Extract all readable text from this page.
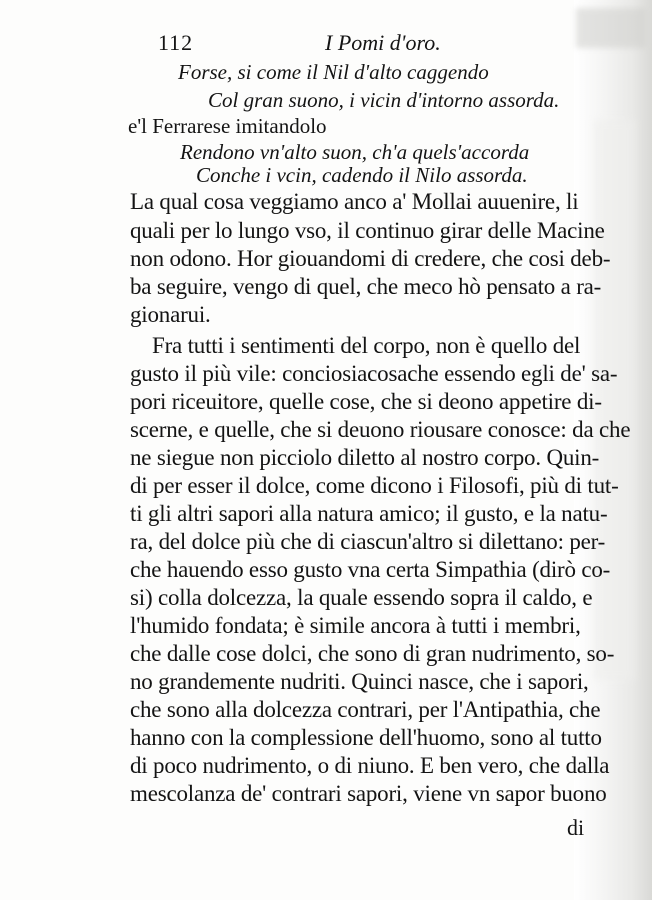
112	I Pomi d'oro.
Forse, si come il Nil d'alto caggendo
Col gran suono, i vicin d'intorno assorda.
e'l Ferrarese imitandolo
Rendono vn'alto suon, ch'a quels'accorda
Conche i vcin, cadendo il Nilo assorda.
La qual cosa veggiamo anco a' Mollai auuenire, li
quali per lo lungo vso, il continuo girar delle Macine
non odono. Hor giouandomi di credere, che cosi deb-
ba seguire, vengo di quel, che meco hò pensato a ra-
gionarui.
Fra tutti i sentimenti del corpo, non è quello del
gusto il più vile: conciosiacosache essendo egli de' sa-
pori riceuitore, quelle cose, che si deono appetire di-
scerne, e quelle, che si deuono riousare conosce: da che
ne siegue non picciolo diletto al nostro corpo. Quin-
di per esser il dolce, come dicono i Filosofi, più di tut-
ti gli altri sapori alla natura amico; il gusto, e la natu-
ra, del dolce più che di ciascun'altro si dilettano: per-
che hauendo esso gusto vna certa Simpathia (dirò co-
si) colla dolcezza, la quale essendo sopra il caldo, e
l'humido fondata; è simile ancora à tutti i membri,
che dalle cose dolci, che sono di gran nudrimento, so-
no grandemente nudriti. Quinci nasce, che i sapori,
che sono alla dolcezza contrari, per l'Antipathia, che
hanno con la complessione dell'huomo, sono al tutto
di poco nudrimento, o di niuno. E ben vero, che dalla
mescolanza de' contrari sapori, viene vn sapor buono
di
